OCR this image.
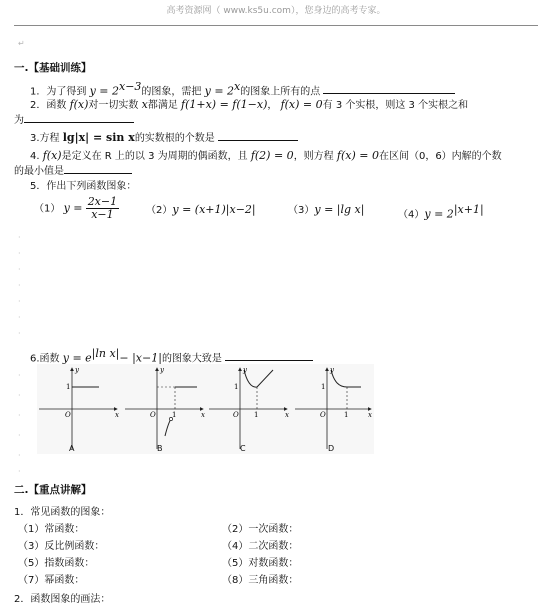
高考资源网（ www.ks5u.com），您身边的高考专家。
↵
一.【基础训练】
1．为了得到 $y = 2^{x-3}$的图象，需把 $y = 2^x$的图象上所有的点
2．函数 f(x)对一切实数 x都满足 f(1+x) = f(1−x)， f(x) = 0有 3 个实根，则这 3 个实根之和
为
3.方程 lg|x| = sin x的实数根的个数是
4. f(x)是定义在 R 上的以 3 为周期的偶函数，且 f(2) = 0，则方程 f(x) = 0在区间（0，6）内解的个数
的最小值是
5．作出下列函数图象：
（1） $y = \frac{2x-1}{x-1}$	（2）y = (x+1)|x−2|	（3）y = |lg x|	$(4)y = 2^{|x+1|}$
·
·
·
·
·
·
·
6.函数 $y = e^{|ln x|}- |x-1|$的图象大致是
y
x
O
1
y
x
O 1
y
x
O
1
1
y
x
O
1
1
A	B	C	D
·
·
·
·
·
·
二.【重点讲解】
1．常见函数的图象：
（1）常函数：	（2）一次函数：
（3）反比例函数：	（4）二次函数：
（5）指数函数：	（5）对数函数：
（7）幂函数：	（8）三角函数：
2．函数图象的画法：
